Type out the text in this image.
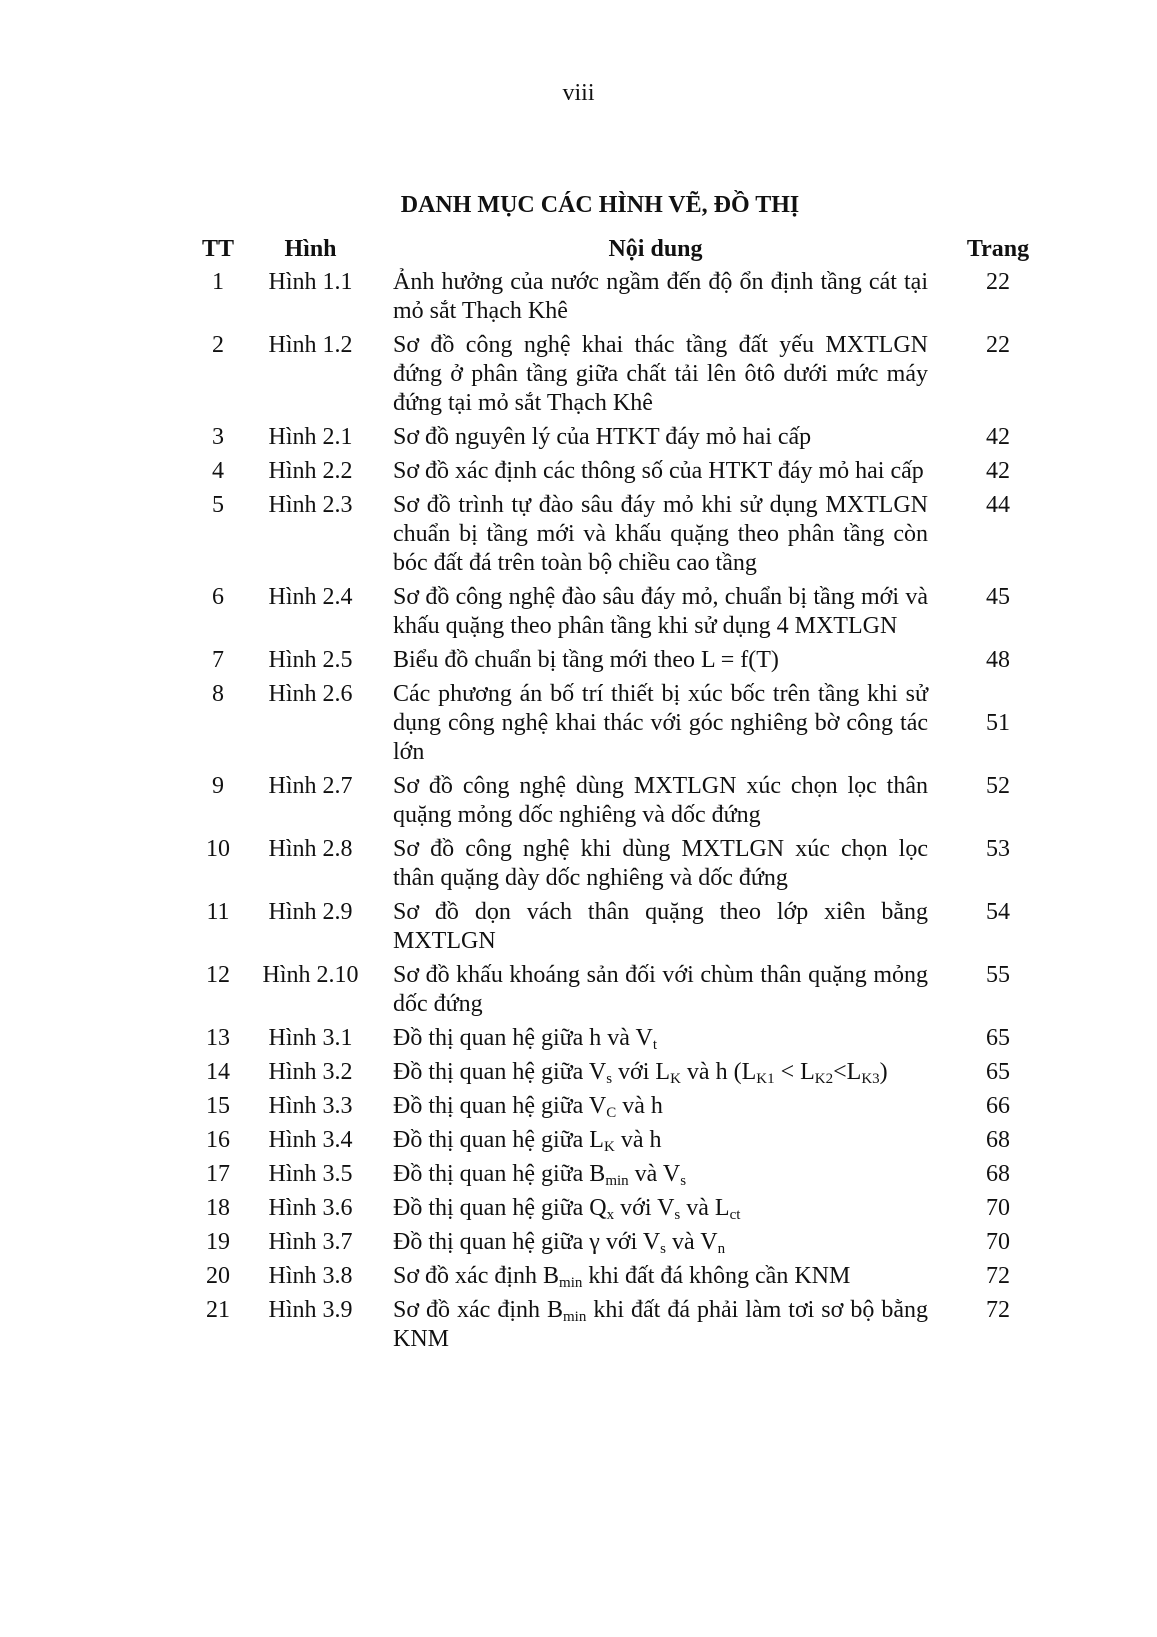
viii
DANH MỤC CÁC HÌNH VẼ, ĐỒ THỊ
TT	Hình	Nội dung	Trang
1	Hình 1.1	Ảnh hưởng của nước ngầm đến độ ổn định tầng cát tại mỏ sắt Thạch Khê	22
2	Hình 1.2	Sơ đồ công nghệ khai thác tầng đất yếu MXTLGN đứng ở phân tầng giữa chất tải lên ôtô dưới mức máy đứng tại mỏ sắt Thạch Khê	22
3	Hình 2.1	Sơ đồ nguyên lý của HTKT đáy mỏ hai cấp	42
4	Hình 2.2	Sơ đồ xác định các thông số của HTKT đáy mỏ hai cấp	42
5	Hình 2.3	Sơ đồ trình tự đào sâu đáy mỏ khi sử dụng MXTLGN chuẩn bị tầng mới và khấu quặng theo phân tầng còn bóc đất đá trên toàn bộ chiều cao tầng	44
6	Hình 2.4	Sơ đồ công nghệ đào sâu đáy mỏ, chuẩn bị tầng mới và khấu quặng theo phân tầng khi sử dụng 4 MXTLGN	45
7	Hình 2.5	Biểu đồ chuẩn bị tầng mới theo L = f(T)	48
8	Hình 2.6	Các phương án bố trí thiết bị xúc bốc trên tầng khi sử dụng công nghệ khai thác với góc nghiêng bờ công tác lớn	51
9	Hình 2.7	Sơ đồ công nghệ dùng MXTLGN xúc chọn lọc thân quặng mỏng dốc nghiêng và dốc đứng	52
10	Hình 2.8	Sơ đồ công nghệ khi dùng MXTLGN xúc chọn lọc thân quặng dày dốc nghiêng và dốc đứng	53
11	Hình 2.9	Sơ đồ dọn vách thân quặng theo lớp xiên bằng MXTLGN	54
12	Hình 2.10	Sơ đồ khấu khoáng sản đối với chùm thân quặng mỏng dốc đứng	55
13	Hình 3.1	Đồ thị quan hệ giữa h và $V_t$	65
14	Hình 3.2	Đồ thị quan hệ giữa $V_s$ với $L_K$ và h $(L_{K1} < L_{K2}<L_{K3})$	65
15	Hình 3.3	Đồ thị quan hệ giữa $V_C$ và h	66
16	Hình 3.4	Đồ thị quan hệ giữa $L_K$ và h	68
17	Hình 3.5	Đồ thị quan hệ giữa $B_{min}$ và $V_s$	68
18	Hình 3.6	Đồ thị quan hệ giữa $Q_x$ với $V_s$ và $L_{ct}$	70
19	Hình 3.7	Đồ thị quan hệ giữa γ với $V_s$ và $V_n$	70
20	Hình 3.8	Sơ đồ xác định $B_{min}$ khi đất đá không cần KNM	72
21	Hình 3.9	Sơ đồ xác định $B_{min}$ khi đất đá phải làm tơi sơ bộ bằng KNM	72
